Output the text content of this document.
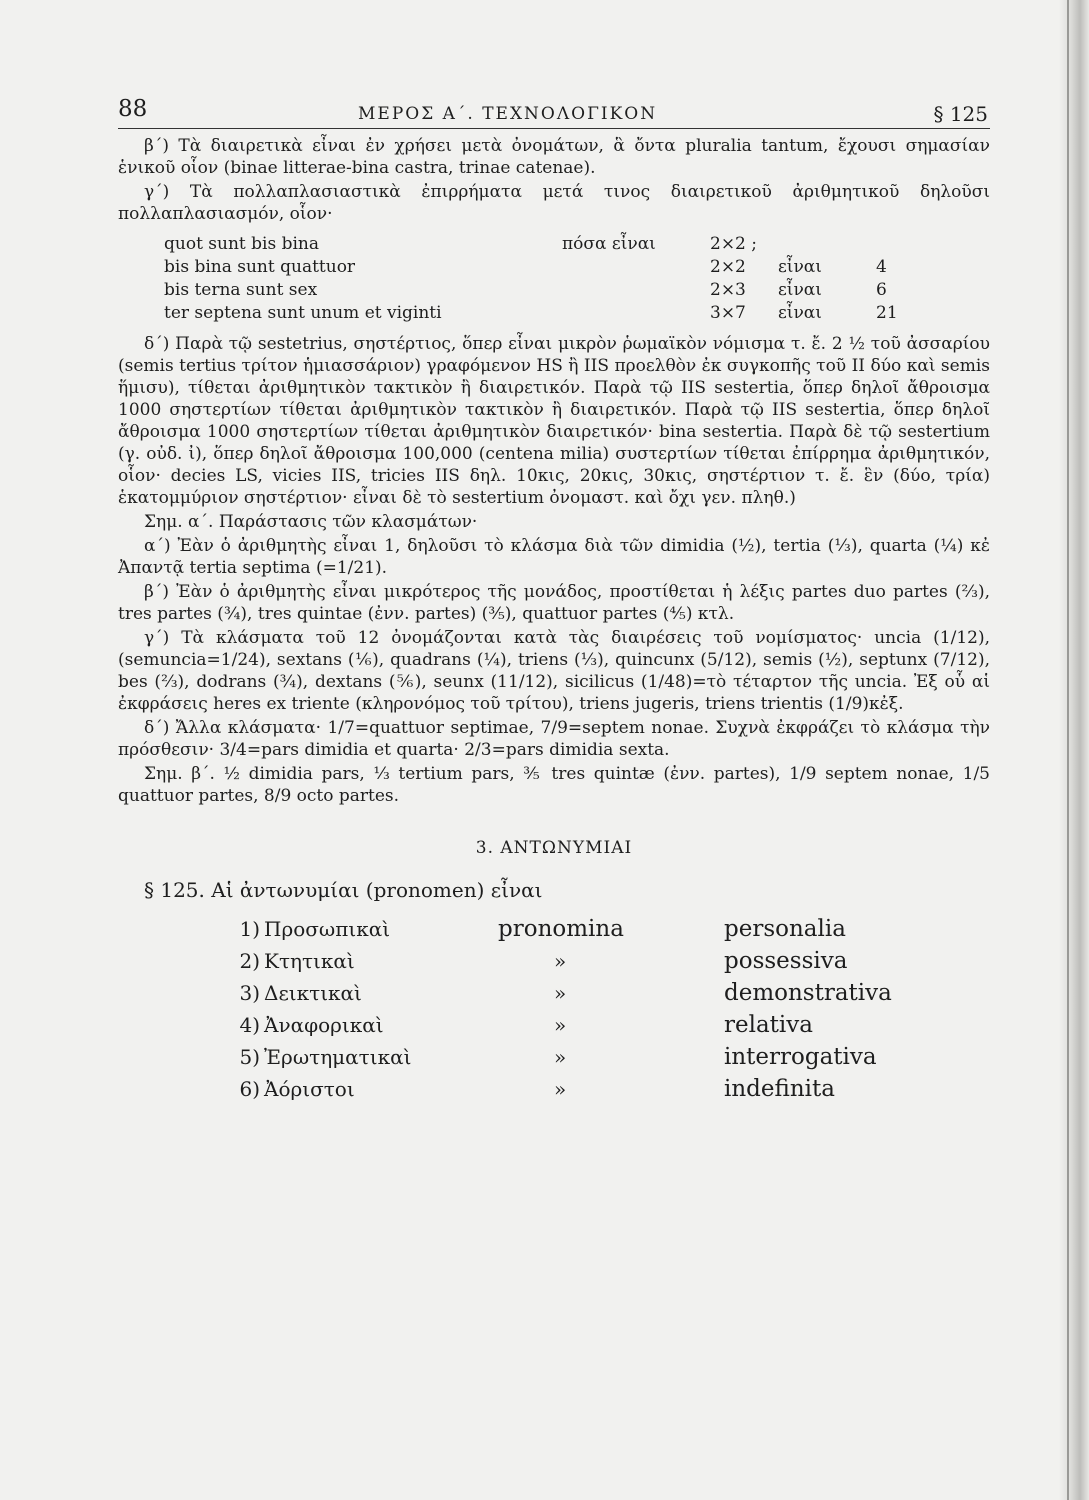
88	ΜΕΡΟΣ Α΄. ΤΕΧΝΟΛΟΓΙΚΟΝ	§ 125

β΄) Τὰ διαιρετικὰ εἶναι ἐν χρήσει μετὰ ὀνομάτων, ἃ ὄντα pluralia tantum, ἔχουσι σημασίαν ἑνικοῦ οἷον (binae litterae-bina castra, trinae catenae).

γ΄) Τὰ πολλαπλασιαστικὰ ἐπιρρήματα μετά τινος διαιρετικοῦ ἀριθμητικοῦ δηλοῦσι πολλαπλασιασμόν, οἷον·

quot sunt bis bina	πόσα εἶναι	2×2 ;		
bis bina sunt quattuor		2×2	εἶναι	4
bis terna sunt sex		2×3	εἶναι	6
ter septena sunt unum et viginti		3×7	εἶναι	21

δ΄) Παρὰ τῷ sestetrius, σηστέρτιος, ὅπερ εἶναι μικρὸν ῥωμαϊκὸν νόμισμα τ. ἔ. 2 ½ τοῦ ἀσσαρίου (semis tertius τρίτον ἡμιασσάριον) γραφόμενον HS ἢ IIS προελθὸν ἐκ συγκοπῆς τοῦ II δύο καὶ semis ἥμισυ), τίθεται ἀριθμητικὸν τακτικὸν ἢ διαιρετικόν. Παρὰ τῷ IIS sestertia, ὅπερ δηλοῖ ἄθροισμα 1000 σηστερτίων τίθεται ἀριθμητικὸν τακτικὸν ἢ διαιρετικόν. Παρὰ τῷ IIS sestertia, ὅπερ δηλοῖ ἄθροισμα 1000 σηστερτίων τίθεται ἀριθμητικὸν διαιρετικόν· bina sestertia. Παρὰ δὲ τῷ sestertium (γ. οὐδ. ἰ), ὅπερ δηλοῖ ἄθροισμα 100,000 (centena milia) συστερτίων τίθεται ἐπίρρημα ἀριθμητικόν, οἷον· decies LS, vicies IIS, tricies IIS δηλ. 10κις, 20κις, 30κις, σηστέρτιον τ. ἔ. ἓν (δύο, τρία) ἑκατομμύριον σηστέρτιον· εἶναι δὲ τὸ sestertium ὀνομαστ. καὶ ὄχι γεν. πληθ.)

Σημ. α΄. Παράστασις τῶν κλασμάτων·

α΄) Ἐὰν ὁ ἀριθμητὴς εἶναι 1, δηλοῦσι τὸ κλάσμα διὰ τῶν dimidia (½), tertia (⅓), quarta (¼) κἐ Ἀπαντᾷ tertia septima (=1/21).

β΄) Ἐὰν ὁ ἀριθμητὴς εἶναι μικρότερος τῆς μονάδος, προστίθεται ἡ λέξις partes duo partes (⅔), tres partes (¾), tres quintae (ἐνν. partes) (⅗), quattuor partes (⅘) κτλ.

γ΄) Τὰ κλάσματα τοῦ 12 ὀνομάζονται κατὰ τὰς διαιρέσεις τοῦ νομίσματος· uncia (1/12), (semuncia=1/24), sextans (⅙), quadrans (¼), triens (⅓), quincunx (5/12), semis (½), septunx (7/12), bes (⅔), dodrans (¾), dextans (⅚), seunx (11/12), sicilicus (1/48)=τὸ τέταρτον τῆς uncia. Ἐξ οὗ αἱ ἐκφράσεις heres ex triente (κληρονόμος τοῦ τρίτου), triens jugeris, triens trientis (1/9)κἐξ.

δ΄) Ἄλλα κλάσματα· 1/7=quattuor septimae, 7/9=septem nonae. Συχνὰ ἐκφράζει τὸ κλάσμα τὴν πρόσθεσιν· 3/4=pars dimidia et quarta· 2/3=pars dimidia sexta.

Σημ. β΄. ½ dimidia pars, ⅓ tertium pars, ⅗ tres quintæ (ἐνν. partes), 1/9 septem nonae, 1/5 quattuor partes, 8/9 octo partes.

3. ΑΝΤΩΝΥΜΙΑΙ
§ 125. Αἱ ἀντωνυμίαι (pronomen) εἶναι
1)	Προσωπικαὶ	pronomina	personalia
2)	Κτητικαὶ	»	possessiva
3)	Δεικτικαὶ	»	demonstrativa
4)	Ἀναφορικαὶ	»	relativa
5)	Ἐρωτηματικαὶ	»	interrogativa
6)	Ἀόριστοι	»	indefinita
